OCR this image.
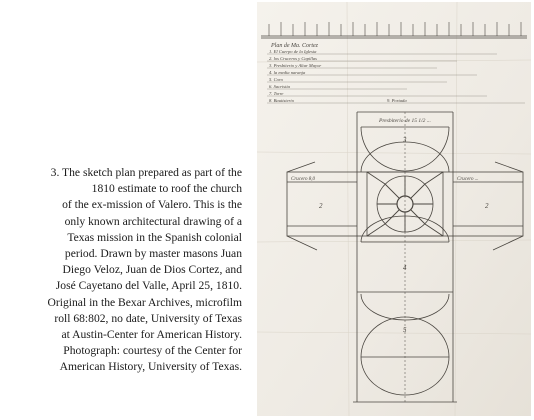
3. The sketch plan prepared as part of the
1810 estimate to roof the church
of the ex-mission of Valero. This is the
only known architectural drawing of a
Texas mission in the Spanish colonial
period. Drawn by master masons Juan
Diego Veloz, Juan de Dios Cortez, and
José Cayetano del Valle, April 25, 1810.
Original in the Bexar Archives, microfilm
roll 68:802, no date, University of Texas
at Austin-Center for American History.
Photograph: courtesy of the Center for
American History, University of Texas.
Plan de Ma. Cortez
1. El Cuerpo de la Iglesia
2. los Cruceros y Capillas
3. Presbiterio y Altar Mayor
4. la media naranja
5. Coro
6. Sacristia
7. Torre
8. Bautisterio	9. Portada
Presbiterio de 15 1/2 ...
3
Crucero 8,0	Crucero ...
2	2
4
5
